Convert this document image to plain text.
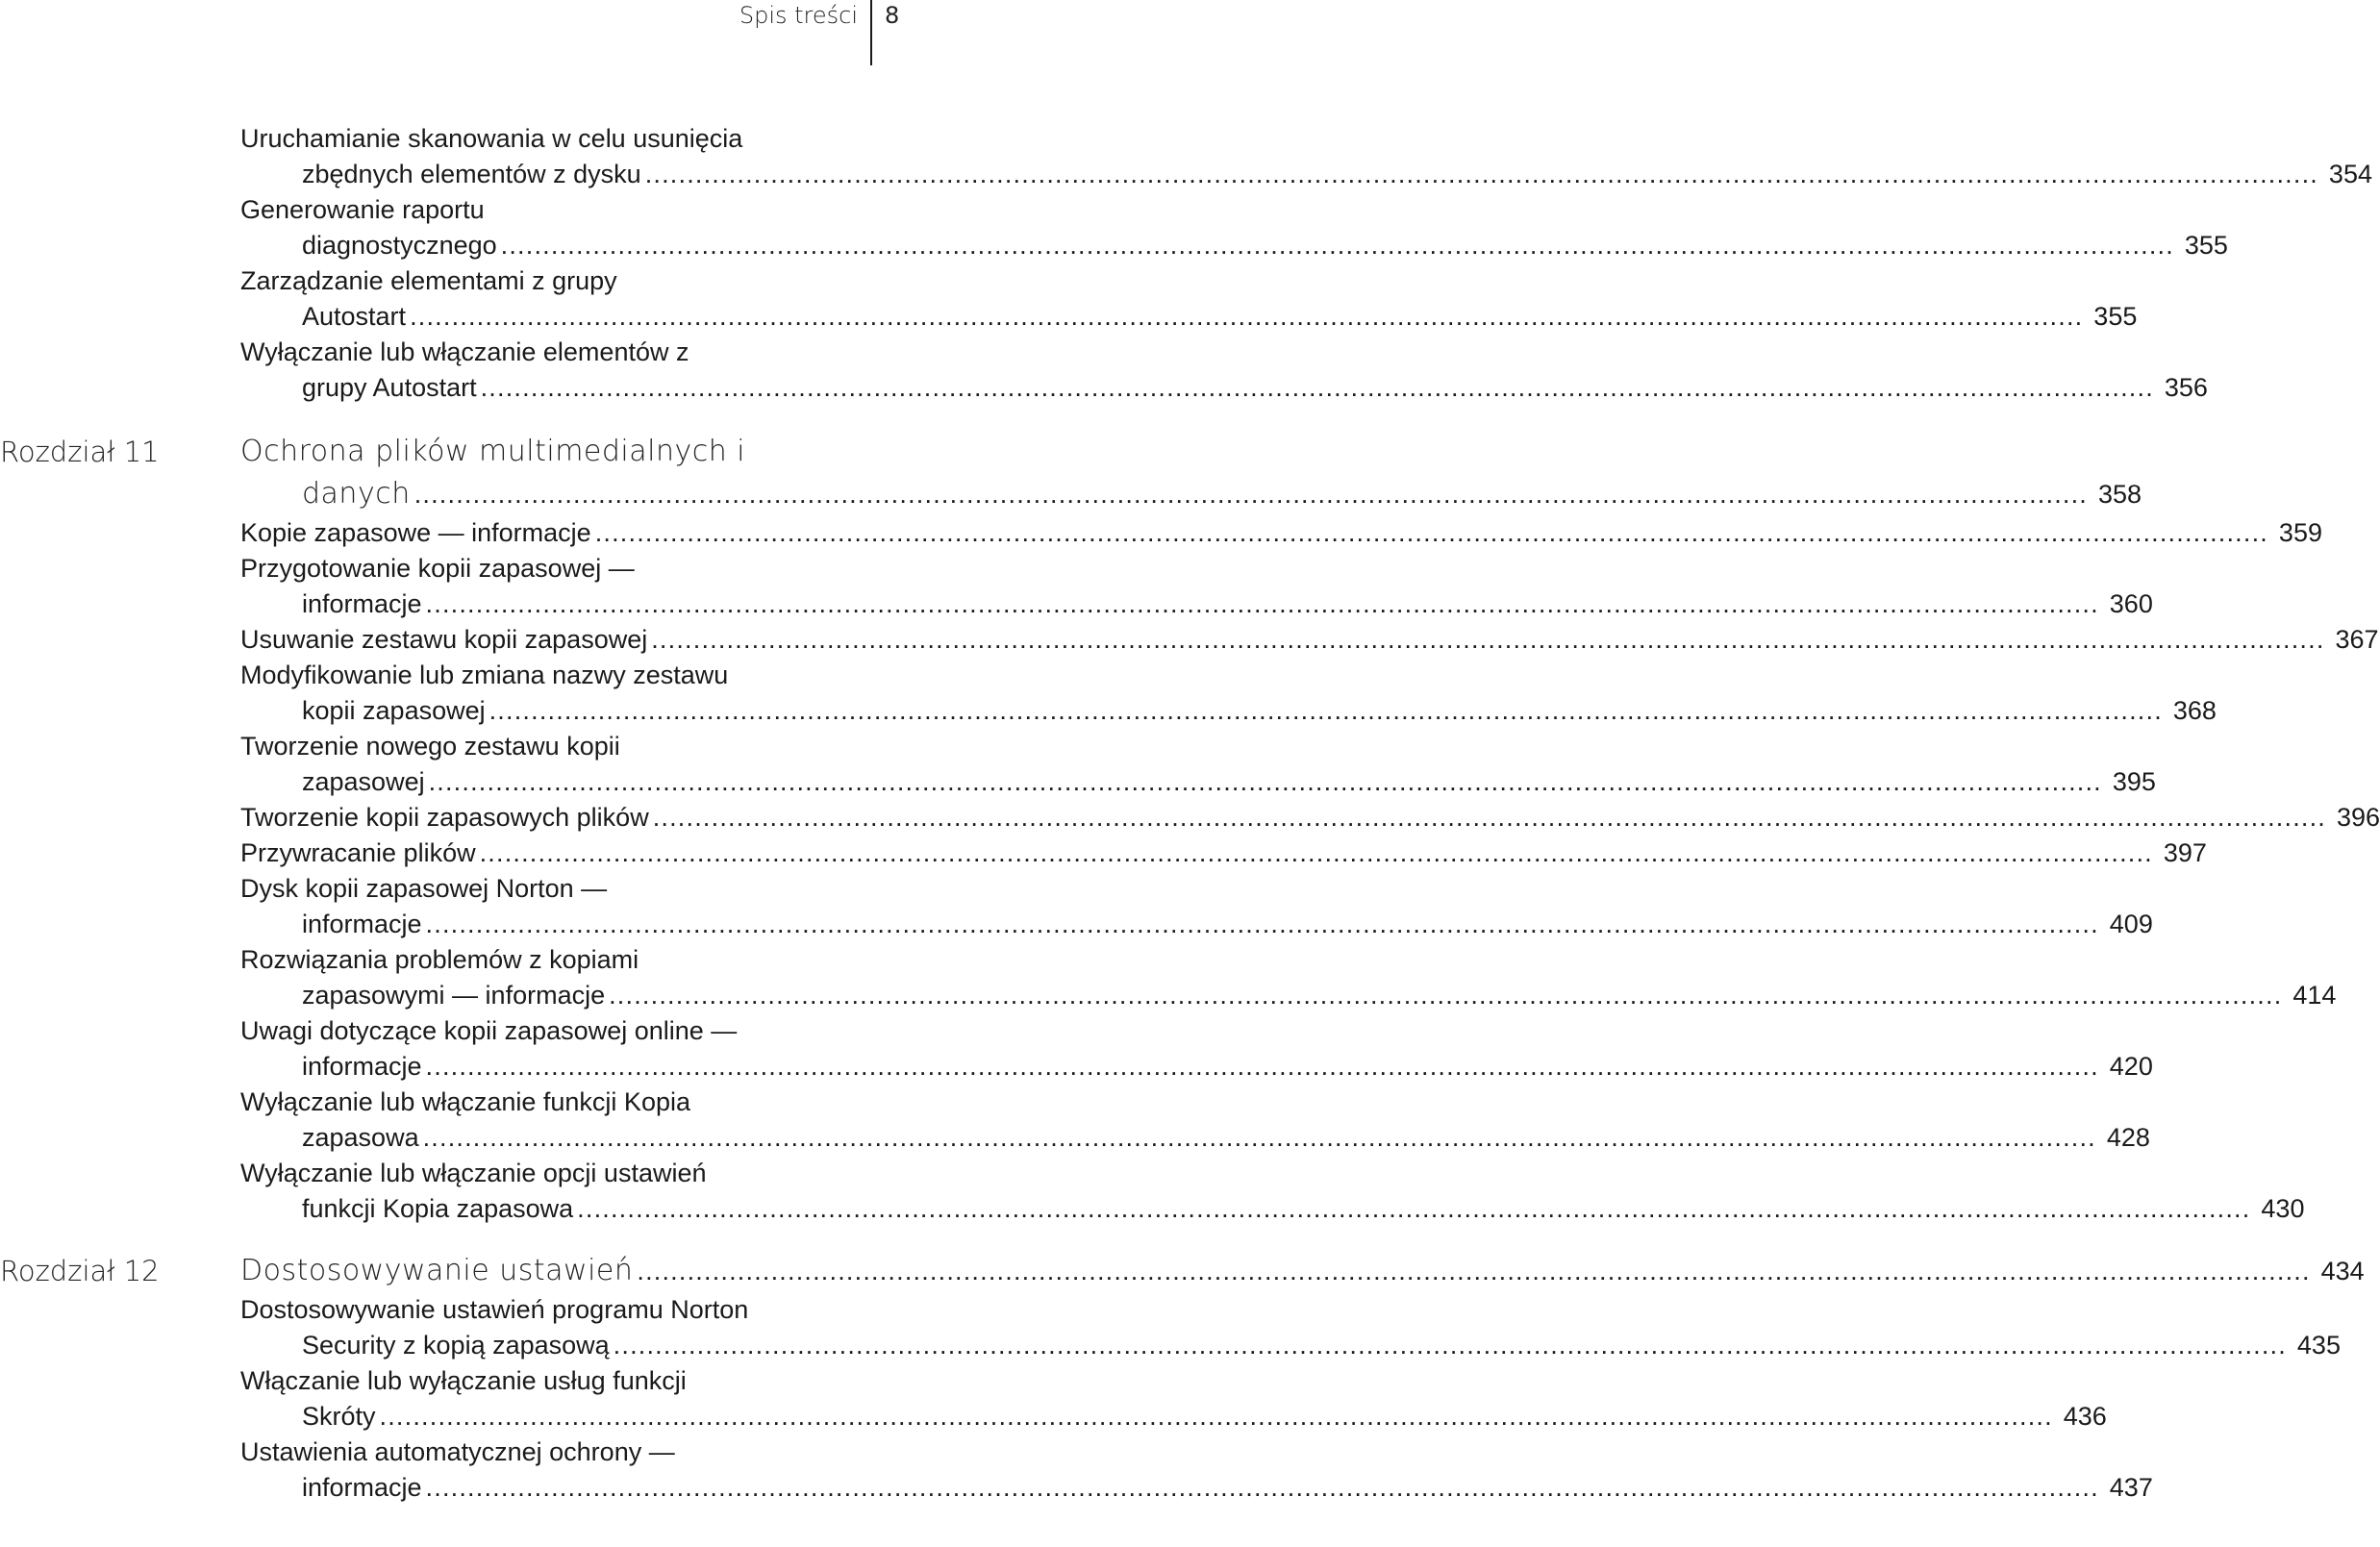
Spis treści 8
Uruchamianie skanowania w celu usunięcia
zbędnych elementów z dysku ........................................................................................................................................................................................................ 354
Generowanie raportu
diagnostycznego ........................................................................................................................................................................................................ 355
Zarządzanie elementami z grupy
Autostart ........................................................................................................................................................................................................ 355
Wyłączanie lub włączanie elementów z
grupy Autostart ........................................................................................................................................................................................................ 356
Rozdział 11	Ochrona plików multimedialnych i
danych ........................................................................................................................................................................................................ 358
Kopie zapasowe — informacje ........................................................................................................................................................................................................ 359
Przygotowanie kopii zapasowej —
informacje ........................................................................................................................................................................................................ 360
Usuwanie zestawu kopii zapasowej ........................................................................................................................................................................................................ 367
Modyfikowanie lub zmiana nazwy zestawu
kopii zapasowej ........................................................................................................................................................................................................ 368
Tworzenie nowego zestawu kopii
zapasowej ........................................................................................................................................................................................................ 395
Tworzenie kopii zapasowych plików ........................................................................................................................................................................................................ 396
Przywracanie plików ........................................................................................................................................................................................................ 397
Dysk kopii zapasowej Norton —
informacje ........................................................................................................................................................................................................ 409
Rozwiązania problemów z kopiami
zapasowymi — informacje ........................................................................................................................................................................................................ 414
Uwagi dotyczące kopii zapasowej online —
informacje ........................................................................................................................................................................................................ 420
Wyłączanie lub włączanie funkcji Kopia
zapasowa ........................................................................................................................................................................................................ 428
Wyłączanie lub włączanie opcji ustawień
funkcji Kopia zapasowa ........................................................................................................................................................................................................ 430
Rozdział 12	Dostosowywanie ustawień ........................................................................................................................................................................................................ 434
Dostosowywanie ustawień programu Norton
Security z kopią zapasową ........................................................................................................................................................................................................ 435
Włączanie lub wyłączanie usług funkcji
Skróty ........................................................................................................................................................................................................ 436
Ustawienia automatycznej ochrony —
informacje ........................................................................................................................................................................................................ 437
